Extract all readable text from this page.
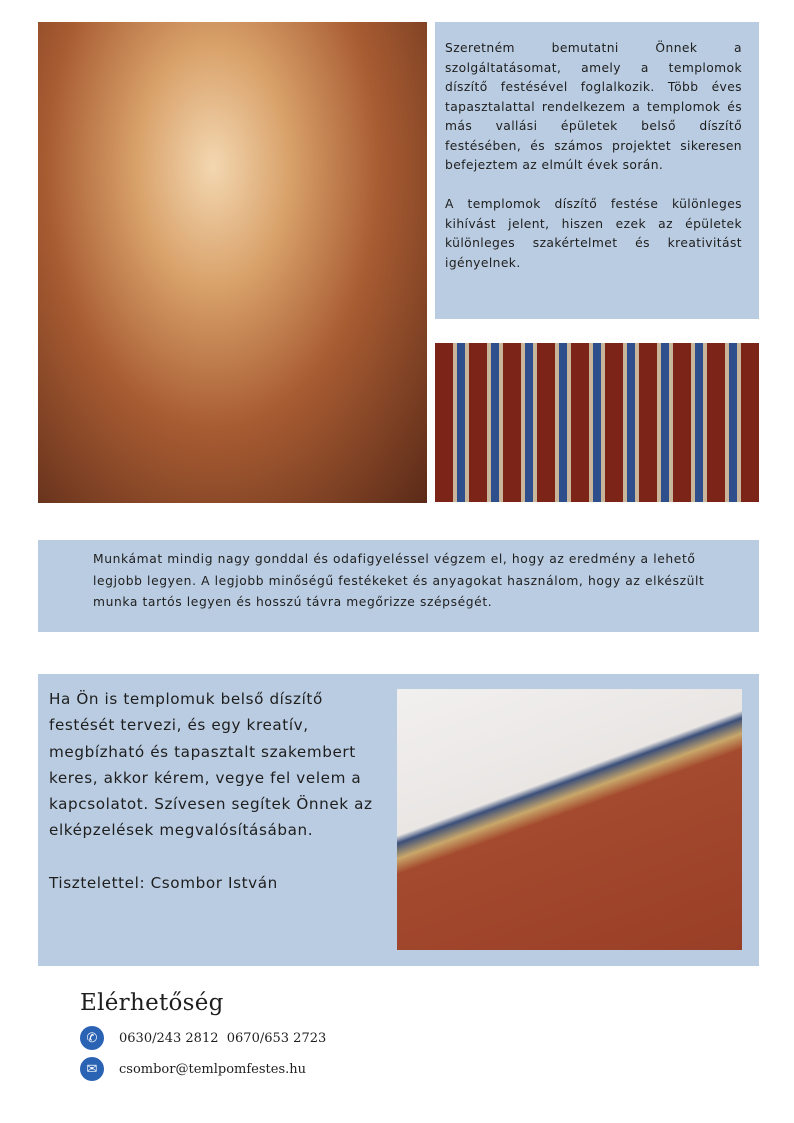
Szeretném bemutatni Önnek a szolgáltatásomat, amely a templomok díszítő festésével foglalkozik. Több éves tapasztalattal rendelkezem a templomok és más vallási épületek belső díszítő festésében, és számos projektet sikeresen befejeztem az elmúlt évek során.

A templomok díszítő festése különleges kihívást jelent, hiszen ezek az épületek különleges szakértelmet és kreativitást igényelnek.

Munkámat mindig nagy gonddal és odafigyeléssel végzem el, hogy az eredmény a lehető legjobb legyen. A legjobb minőségű festékeket és anyagokat használom, hogy az elkészült munka tartós legyen és hosszú távra megőrizze szépségét.

Ha Ön is templomuk belső díszítő festését tervezi, és egy kreatív, megbízható és tapasztalt szakembert keres, akkor kérem, vegye fel velem a kapcsolatot. Szívesen segítek Önnek az elképzelések megvalósításában.

Tisztelettel: Csombor István

Elérhetőség
✆	0630/243 2812  0670/653 2723
✉	csombor@temlpomfestes.hu
